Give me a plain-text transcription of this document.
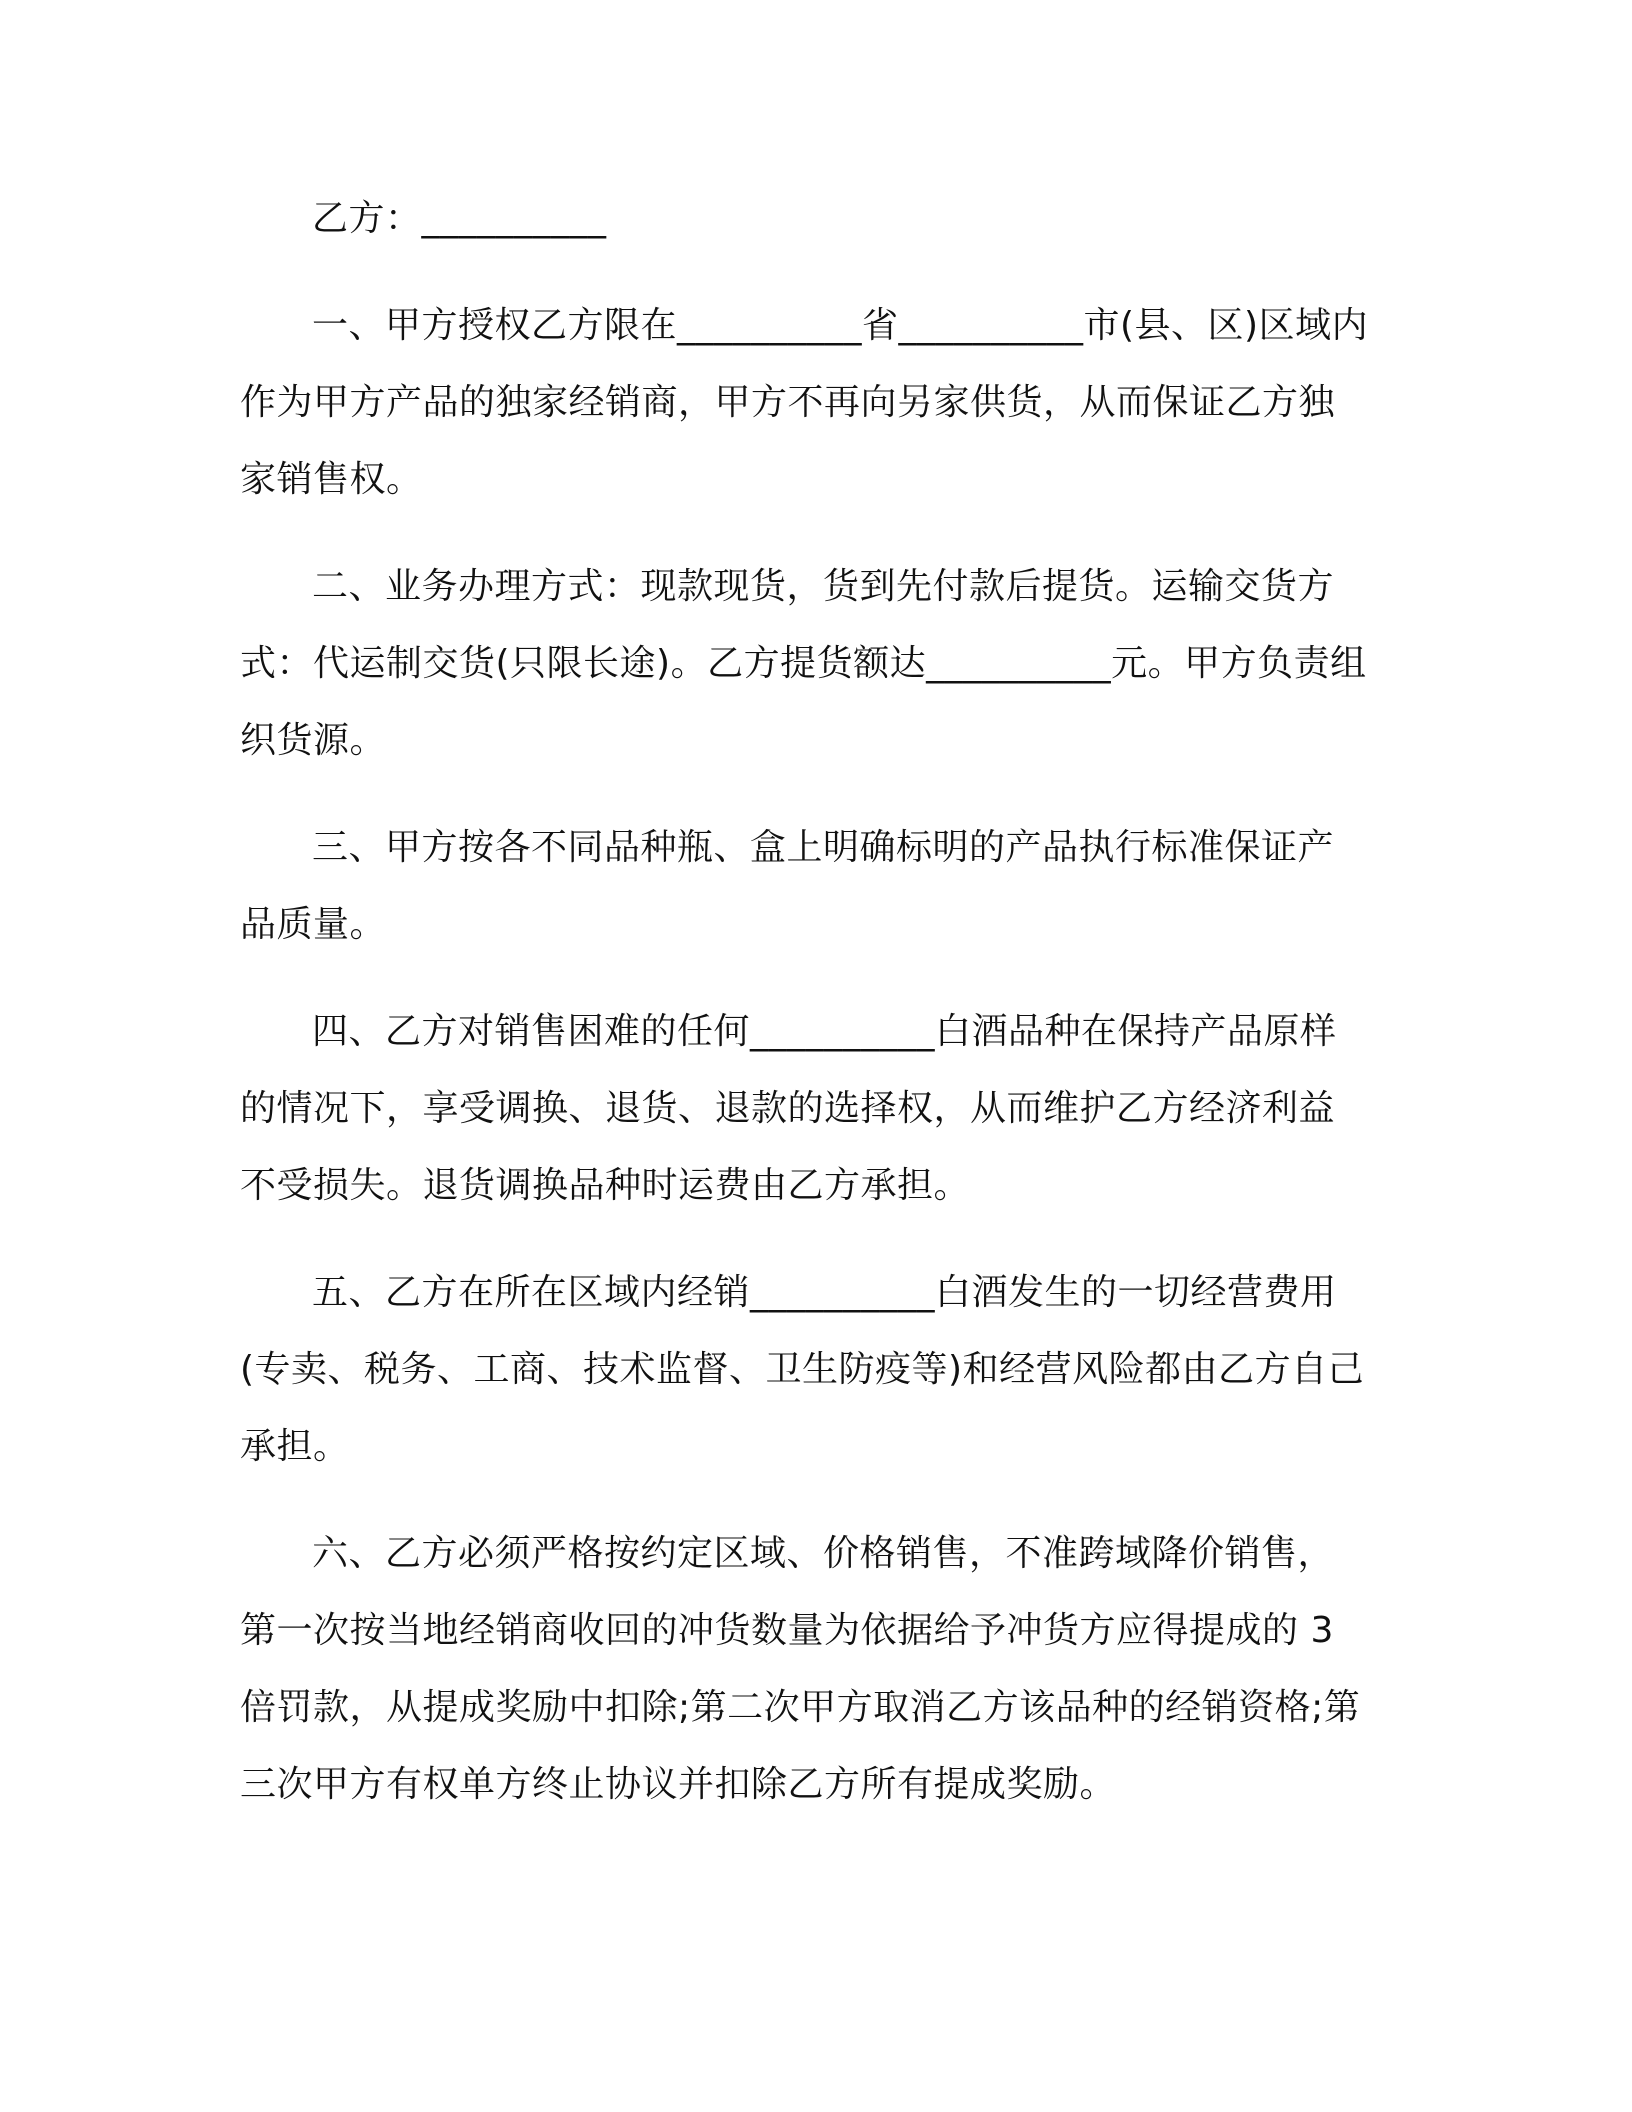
乙方：__________
一、甲方授权乙方限在__________省__________市(县、区)区域内
作为甲方产品的独家经销商，甲方不再向另家供货，从而保证乙方独
家销售权。
二、业务办理方式：现款现货，货到先付款后提货。运输交货方
式：代运制交货(只限长途)。乙方提货额达__________元。甲方负责组
织货源。
三、甲方按各不同品种瓶、盒上明确标明的产品执行标准保证产
品质量。
四、乙方对销售困难的任何__________白酒品种在保持产品原样
的情况下，享受调换、退货、退款的选择权，从而维护乙方经济利益
不受损失。退货调换品种时运费由乙方承担。
五、乙方在所在区域内经销__________白酒发生的一切经营费用
(专卖、税务、工商、技术监督、卫生防疫等)和经营风险都由乙方自己
承担。
六、乙方必须严格按约定区域、价格销售，不准跨域降价销售，
第一次按当地经销商收回的冲货数量为依据给予冲货方应得提成的 3
倍罚款，从提成奖励中扣除;第二次甲方取消乙方该品种的经销资格;第
三次甲方有权单方终止协议并扣除乙方所有提成奖励。
